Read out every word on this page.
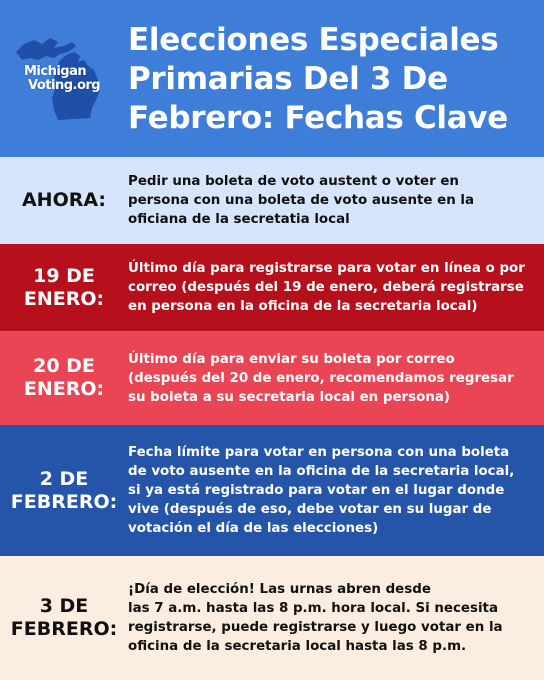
Michigan
Voting.org
Elecciones Especiales
Primarias Del 3 De
Febrero: Fechas Clave
AHORA:
Pedir una boleta de voto austent o voter en
persona con una boleta de voto ausente en la
oficiana de la secretatia local
19 DE
ENERO:
Último día para registrarse para votar en línea o por
correo (después del 19 de enero, deberá registrarse
en persona en la oficina de la secretaria local)
20 DE
ENERO:
Último día para enviar su boleta por correo
(después del 20 de enero, recomendamos regresar
su boleta a su secretaria local en persona)
2 DE
FEBRERO:
Fecha límite para votar en persona con una boleta
de voto ausente en la oficina de la secretaria local,
si ya está registrado para votar en el lugar donde
vive (después de eso, debe votar en su lugar de
votación el día de las elecciones)
3 DE
FEBRERO:
¡Día de elección! Las urnas abren desde
las 7 a.m. hasta las 8 p.m. hora local. Si necesita
registrarse, puede registrarse y luego votar en la
oficina de la secretaria local hasta las 8 p.m.
